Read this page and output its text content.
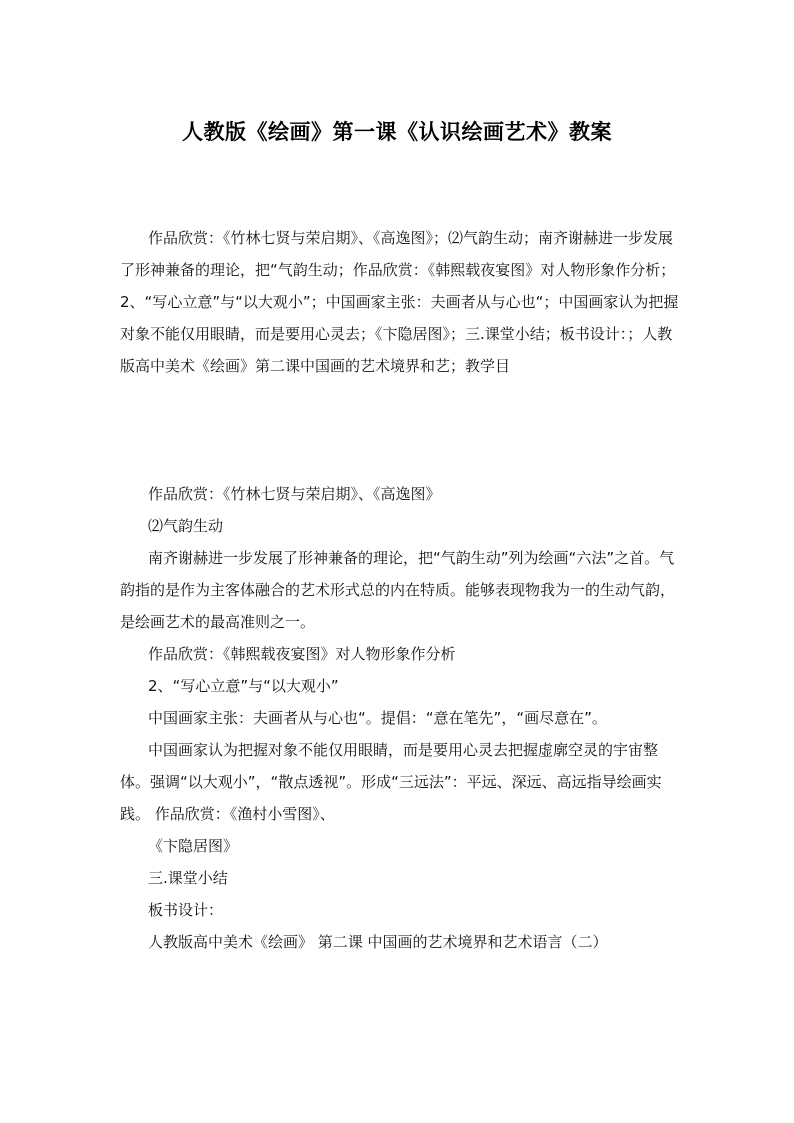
人教版《绘画》第一课《认识绘画艺术》教案

作品欣赏：《竹林七贤与荣启期》、《高逸图》；⑵气韵生动；南齐谢赫进一步发展了形神兼备的理论，把“气韵生动；作品欣赏：《韩熙载夜宴图》对人物形象作分析；2、“写心立意”与“以大观小”；中国画家主张：夫画者从与心也“；中国画家认为把握对象不能仅用眼睛，而是要用心灵去；《卞隐居图》；三.课堂小结；板书设计：；人教版高中美术《绘画》第二课中国画的艺术境界和艺；教学目

作品欣赏：《竹林七贤与荣启期》、《高逸图》

⑵气韵生动

南齐谢赫进一步发展了形神兼备的理论，把“气韵生动”列为绘画“六法”之首。气韵指的是作为主客体融合的艺术形式总的内在特质。能够表现物我为一的生动气韵，是绘画艺术的最高准则之一。

作品欣赏：《韩熙载夜宴图》对人物形象作分析

2、“写心立意”与“以大观小”

中国画家主张：夫画者从与心也“。提倡：“意在笔先”，“画尽意在”。

中国画家认为把握对象不能仅用眼睛，而是要用心灵去把握虚廓空灵的宇宙整体。强调“以大观小”，“散点透视”。形成“三远法”：平远、深远、高远指导绘画实践。 作品欣赏：《渔村小雪图》、

《卞隐居图》

三.课堂小结

板书设计：

人教版高中美术《绘画》 第二课 中国画的艺术境界和艺术语言（二）
